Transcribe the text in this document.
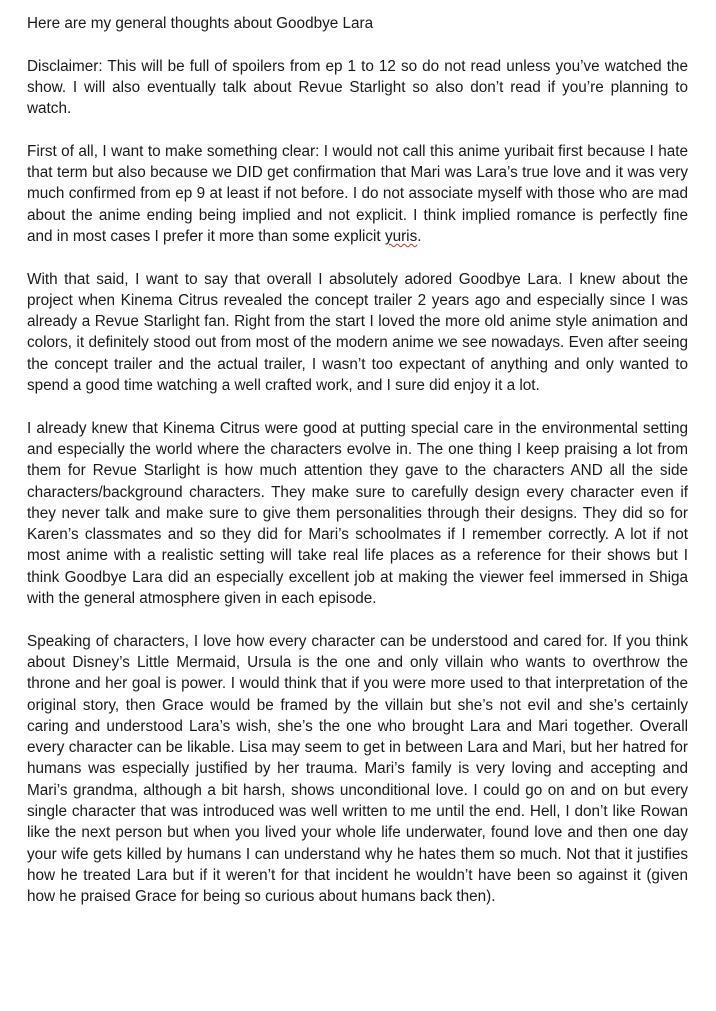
Here are my general thoughts about Goodbye Lara

Disclaimer: This will be full of spoilers from ep 1 to 12 so do not read unless you’ve watched the show. I will also eventually talk about Revue Starlight so also don’t read if you’re planning to watch.

First of all, I want to make something clear: I would not call this anime yuribait first because I hate that term but also because we DID get confirmation that Mari was Lara’s true love and it was very much confirmed from ep 9 at least if not before. I do not associate myself with those who are mad about the anime ending being implied and not explicit. I think implied romance is perfectly fine and in most cases I prefer it more than some explicit yuris.

With that said, I want to say that overall I absolutely adored Goodbye Lara. I knew about the project when Kinema Citrus revealed the concept trailer 2 years ago and especially since I was already a Revue Starlight fan. Right from the start I loved the more old anime style animation and colors, it definitely stood out from most of the modern anime we see nowadays. Even after seeing the concept trailer and the actual trailer, I wasn’t too expectant of anything and only wanted to spend a good time watching a well crafted work, and I sure did enjoy it a lot.

I already knew that Kinema Citrus were good at putting special care in the environmental setting and especially the world where the characters evolve in. The one thing I keep praising a lot from them for Revue Starlight is how much attention they gave to the characters AND all the side characters/background characters. They make sure to carefully design every character even if they never talk and make sure to give them personalities through their designs. They did so for Karen’s classmates and so they did for Mari’s schoolmates if I remember correctly. A lot if not most anime with a realistic setting will take real life places as a reference for their shows but I think Goodbye Lara did an especially excellent job at making the viewer feel immersed in Shiga with the general atmosphere given in each episode.

Speaking of characters, I love how every character can be understood and cared for. If you think about Disney’s Little Mermaid, Ursula is the one and only villain who wants to overthrow the throne and her goal is power. I would think that if you were more used to that interpretation of the original story, then Grace would be framed by the villain but she’s not evil and she’s certainly caring and understood Lara’s wish, she’s the one who brought Lara and Mari together. Overall every character can be likable. Lisa may seem to get in between Lara and Mari, but her hatred for humans was especially justified by her trauma. Mari’s family is very loving and accepting and Mari’s grandma, although a bit harsh, shows unconditional love. I could go on and on but every single character that was introduced was well written to me until the end. Hell, I don’t like Rowan like the next person but when you lived your whole life underwater, found love and then one day your wife gets killed by humans I can understand why he hates them so much. Not that it justifies how he treated Lara but if it weren’t for that incident he wouldn’t have been so against it (given how he praised Grace for being so curious about humans back then).
